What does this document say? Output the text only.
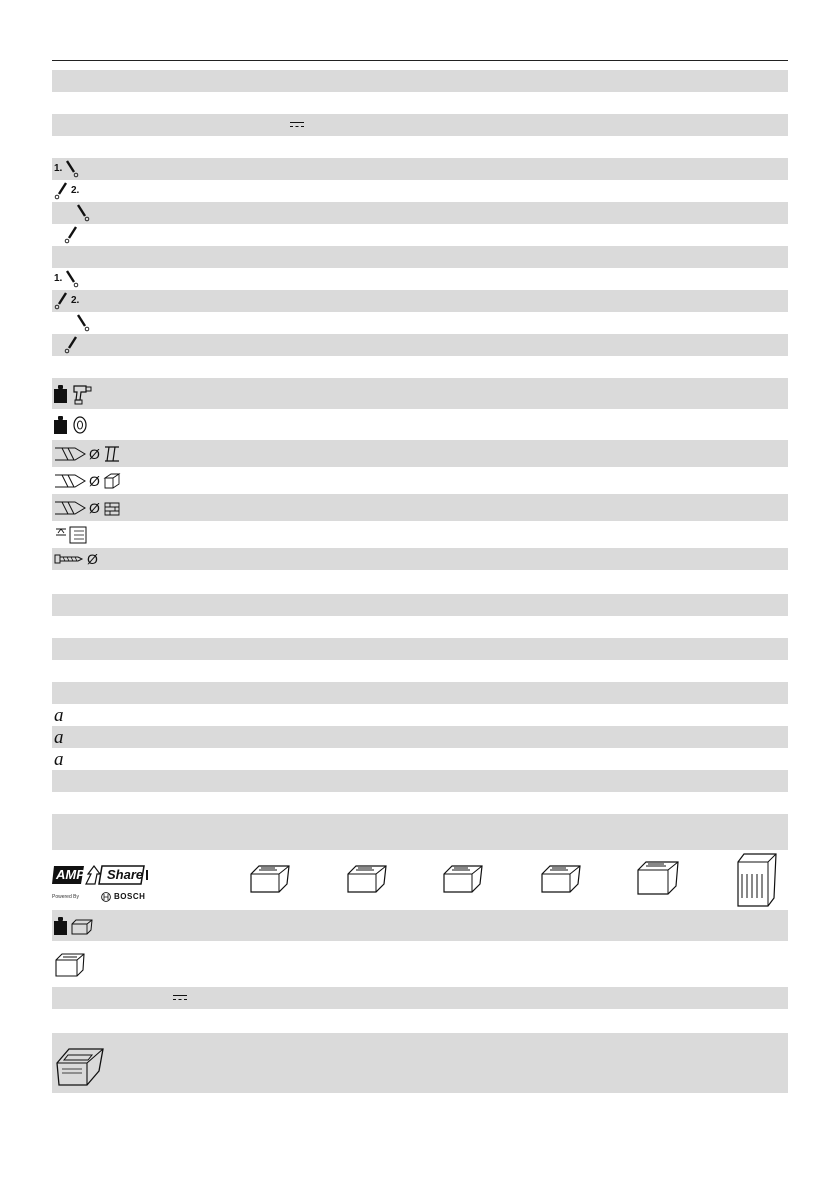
1.
2.
1.
2.
Ø
Ø
Ø
Ø
a
a
a
AMP Share
Powered By	BOSCH
